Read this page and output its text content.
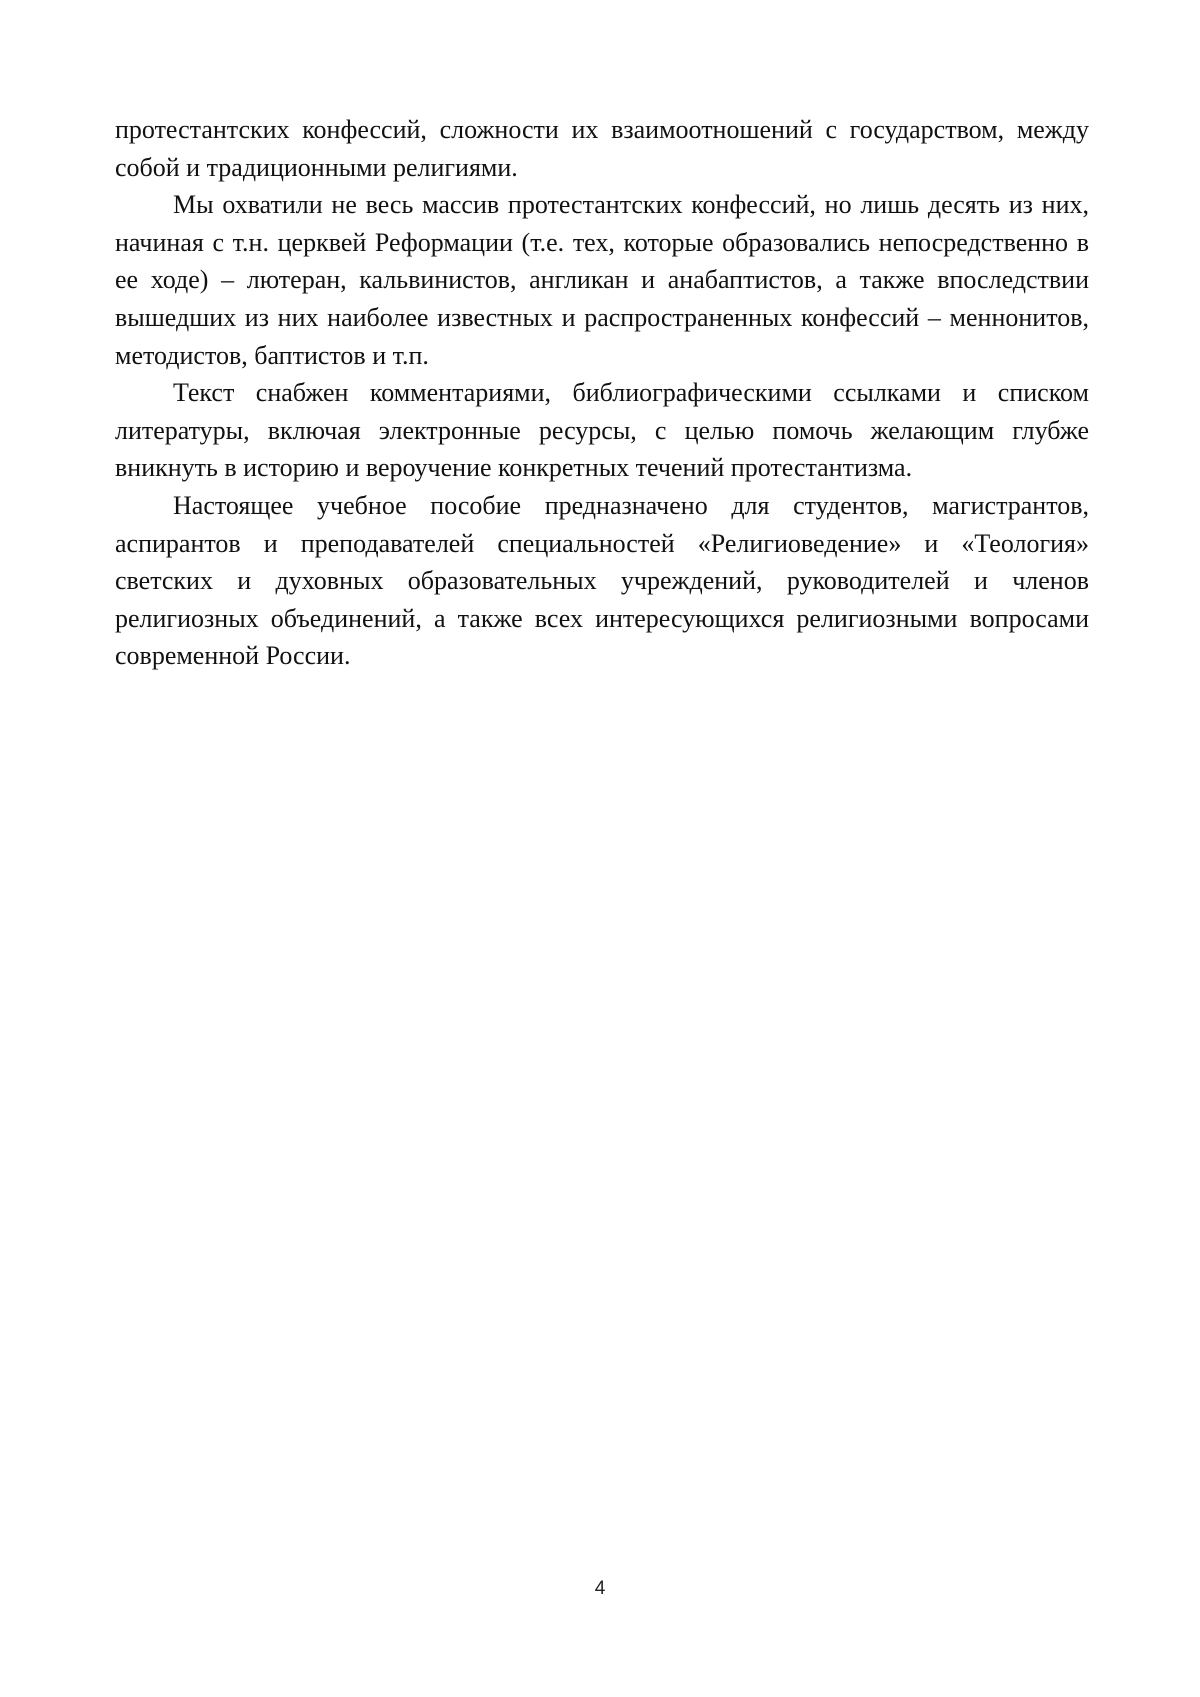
протестантских конфессий, сложности их взаимоотношений с государством, между собой и традиционными религиями.

Мы охватили не весь массив протестантских конфессий, но лишь десять из них, начиная с т.н. церквей Реформации (т.е. тех, которые образовались непосредственно в ее ходе) – лютеран, кальвинистов, англикан и анабаптистов, а также впоследствии вышедших из них наиболее известных и распространенных конфессий – меннонитов, методистов, баптистов и т.п.

Текст снабжен комментариями, библиографическими ссылками и списком литературы, включая электронные ресурсы, с целью помочь желающим глубже вникнуть в историю и вероучение конкретных течений протестантизма.

Настоящее учебное пособие предназначено для студентов, магистрантов, аспирантов и преподавателей специальностей «Религиоведение» и «Теология» светских и духовных образовательных учреждений, руководителей и членов религиозных объединений, а также всех интересующихся религиозными вопросами современной России.

4
